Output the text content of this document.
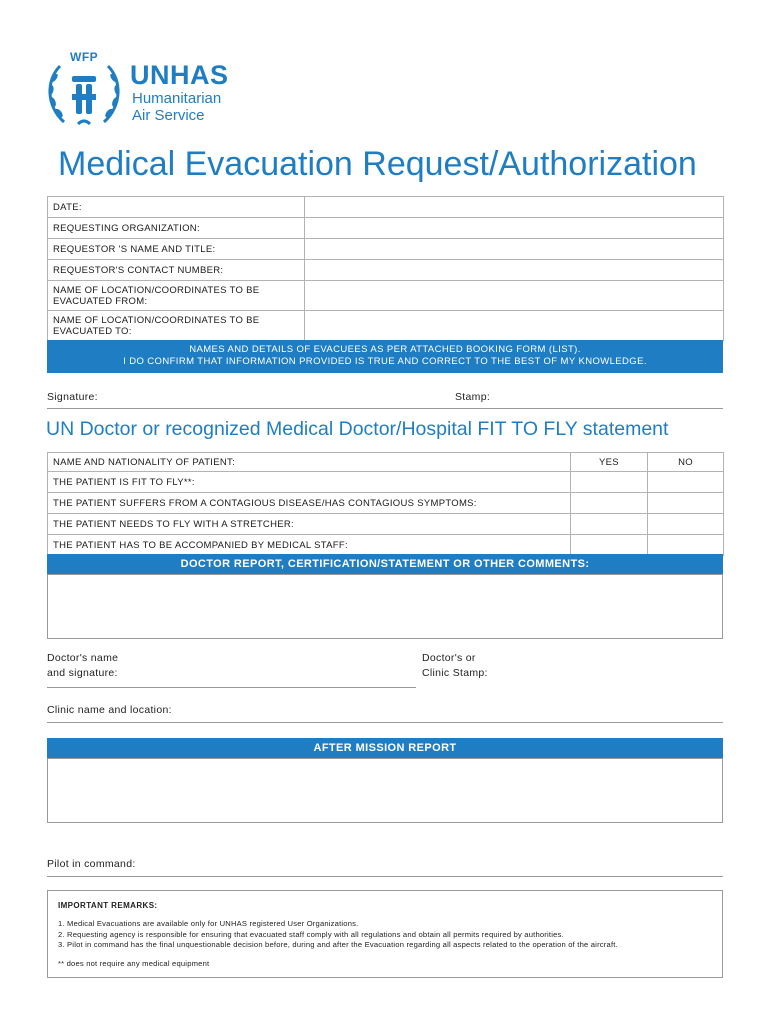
WFP
UNHAS
Humanitarian
Air Service
Medical Evacuation Request/Authorization
DATE:	
REQUESTING ORGANIZATION:	
REQUESTOR 'S NAME AND TITLE:	
REQUESTOR'S CONTACT NUMBER:	
NAME OF LOCATION/COORDINATES TO BE EVACUATED FROM:	
NAME OF LOCATION/COORDINATES TO BE EVACUATED TO:	
NAMES AND DETAILS OF EVACUEES AS PER ATTACHED BOOKING FORM (LIST).
I DO CONFIRM THAT INFORMATION PROVIDED IS TRUE AND CORRECT TO THE BEST OF MY KNOWLEDGE.
Signature:	Stamp:
UN Doctor or recognized Medical Doctor/Hospital FIT TO FLY statement
NAME AND NATIONALITY OF PATIENT:	YES	NO
THE PATIENT IS FIT TO FLY**:		
THE PATIENT SUFFERS FROM A CONTAGIOUS DISEASE/HAS CONTAGIOUS SYMPTOMS:		
THE PATIENT NEEDS TO FLY WITH A STRETCHER:		
THE PATIENT HAS TO BE ACCOMPANIED BY MEDICAL STAFF:		
DOCTOR REPORT, CERTIFICATION/STATEMENT OR OTHER COMMENTS:
Doctor's name
and signature:
Doctor's or
Clinic Stamp:
Clinic name and location:
AFTER MISSION REPORT
Pilot in command:
IMPORTANT REMARKS:
1. Medical Evacuations are available only for UNHAS registered User Organizations.
2. Requesting agency is responsible for ensuring that evacuated staff comply with all regulations and obtain all permits required by authorities.
3. Pilot in command has the final unquestionable decision before, during and after the Evacuation regarding all aspects related to the operation of the aircraft.
** does not require any medical equipment
